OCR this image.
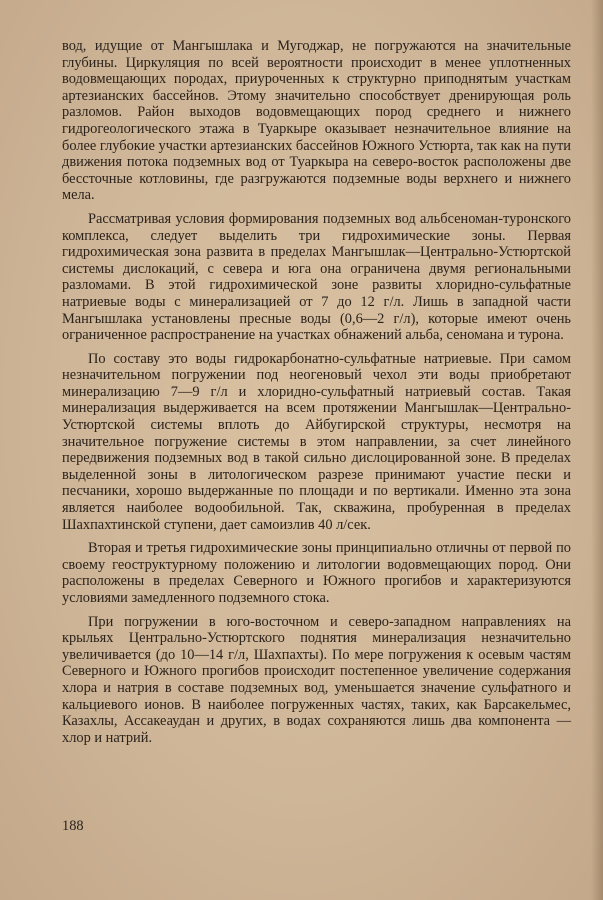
вод, идущие от Мангышлака и Мугоджар, не погружаются на значительные глубины. Циркуляция по всей вероятности происходит в менее уплотненных водовмещающих породах, приуроченных к структурно приподнятым участкам артезианских бассейнов. Этому значительно способствует дренирующая роль разломов. Район выходов водовмещающих пород среднего и нижнего гидрогеологического этажа в Туаркыре оказывает незначительное влияние на более глубокие участки артезианских бассейнов Южного Устюрта, так как на пути движения потока подземных вод от Туаркыра на северо-восток расположены две бессточные котловины, где разгружаются подземные воды верхнего и нижнего мела.

Рассматривая условия формирования подземных вод альбсеноман-туронского комплекса, следует выделить три гидрохимические зоны. Первая гидрохимическая зона развита в пределах Мангышлак—Центрально-Устюртской системы дислокаций, с севера и юга она ограничена двумя региональными разломами. В этой гидрохимической зоне развиты хлоридно-сульфатные натриевые воды с минерализацией от 7 до 12 г/л. Лишь в западной части Мангышлака установлены пресные воды (0,6—2 г/л), которые имеют очень ограниченное распространение на участках обнажений альба, сеномана и турона.

По составу это воды гидрокарбонатно-сульфатные натриевые. При самом незначительном погружении под неогеновый чехол эти воды приобретают минерализацию 7—9 г/л и хлоридно-сульфатный натриевый состав. Такая минерализация выдерживается на всем протяжении Мангышлак—Центрально-Устюртской системы вплоть до Айбугирской структуры, несмотря на значительное погружение системы в этом направлении, за счет линейного передвижения подземных вод в такой сильно дислоцированной зоне. В пределах выделенной зоны в литологическом разрезе принимают участие пески и песчаники, хорошо выдержанные по площади и по вертикали. Именно эта зона является наиболее водообильной. Так, скважина, пробуренная в пределах Шахпахтинской ступени, дает самоизлив 40 л/сек.

Вторая и третья гидрохимические зоны принципиально отличны от первой по своему геоструктурному положению и литологии водовмещающих пород. Они расположены в пределах Северного и Южного прогибов и характеризуются условиями замедленного подземного стока.

При погружении в юго-восточном и северо-западном направлениях на крыльях Центрально-Устюртского поднятия минерализация незначительно увеличивается (до 10—14 г/л, Шахпахты). По мере погружения к осевым частям Северного и Южного прогибов происходит постепенное увеличение содержания хлора и натрия в составе подземных вод, уменьшается значение сульфатного и кальциевого ионов. В наиболее погруженных частях, таких, как Барсакельмес, Казахлы, Ассакеаудан и других, в водах сохраняются лишь два компонента — хлор и натрий.

188
